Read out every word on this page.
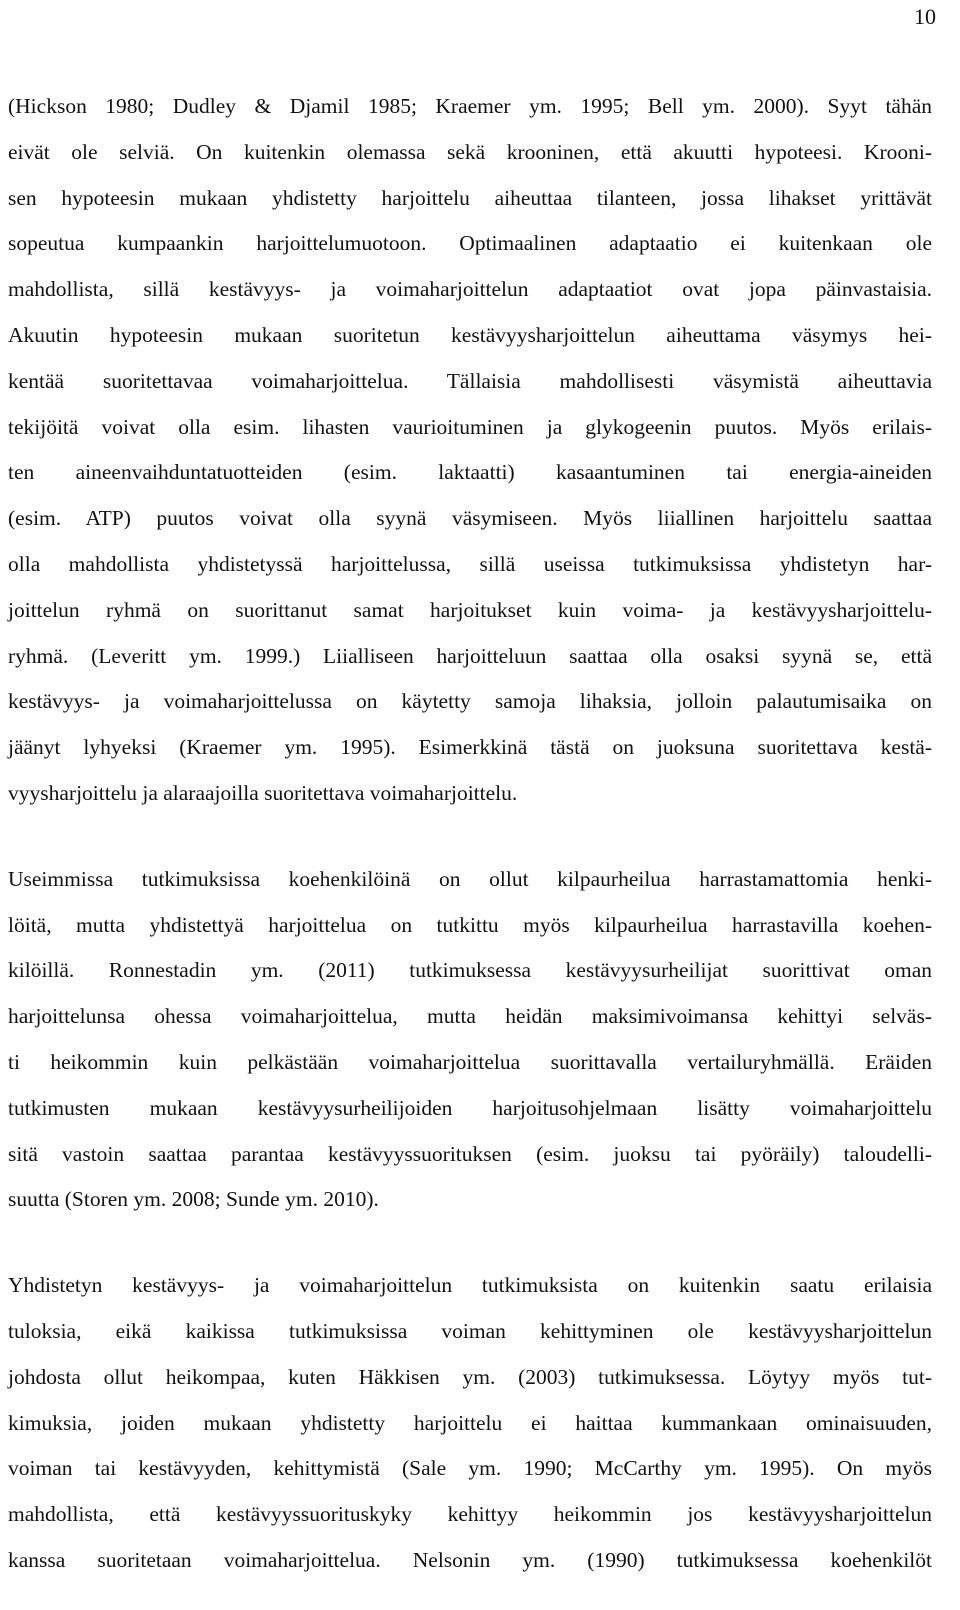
10
(Hickson 1980; Dudley & Djamil 1985; Kraemer ym. 1995; Bell ym. 2000). Syyt tähän
eivät ole selviä. On kuitenkin olemassa sekä krooninen, että akuutti hypoteesi. Krooni-
sen hypoteesin mukaan yhdistetty harjoittelu aiheuttaa tilanteen, jossa lihakset yrittävät
sopeutua kumpaankin harjoittelumuotoon. Optimaalinen adaptaatio ei kuitenkaan ole
mahdollista, sillä kestävyys- ja voimaharjoittelun adaptaatiot ovat jopa päinvastaisia.
Akuutin hypoteesin mukaan suoritetun kestävyysharjoittelun aiheuttama väsymys hei-
kentää suoritettavaa voimaharjoittelua. Tällaisia mahdollisesti väsymistä aiheuttavia
tekijöitä voivat olla esim. lihasten vaurioituminen ja glykogeenin puutos. Myös erilais-
ten aineenvaihduntatuotteiden (esim. laktaatti) kasaantuminen tai energia-aineiden
(esim. ATP) puutos voivat olla syynä väsymiseen. Myös liiallinen harjoittelu saattaa
olla mahdollista yhdistetyssä harjoittelussa, sillä useissa tutkimuksissa yhdistetyn har-
joittelun ryhmä on suorittanut samat harjoitukset kuin voima- ja kestävyysharjoittelu-
ryhmä. (Leveritt ym. 1999.) Liialliseen harjoitteluun saattaa olla osaksi syynä se, että
kestävyys- ja voimaharjoittelussa on käytetty samoja lihaksia, jolloin palautumisaika on
jäänyt lyhyeksi (Kraemer ym. 1995). Esimerkkinä tästä on juoksuna suoritettava kestä-
vyysharjoittelu ja alaraajoilla suoritettava voimaharjoittelu.
Useimmissa tutkimuksissa koehenkilöinä on ollut kilpaurheilua harrastamattomia henki-
löitä, mutta yhdistettyä harjoittelua on tutkittu myös kilpaurheilua harrastavilla koehen-
kilöillä. Ronnestadin ym. (2011) tutkimuksessa kestävyysurheilijat suorittivat oman
harjoittelunsa ohessa voimaharjoittelua, mutta heidän maksimivoimansa kehittyi selväs-
ti heikommin kuin pelkästään voimaharjoittelua suorittavalla vertailuryhmällä. Eräiden
tutkimusten mukaan kestävyysurheilijoiden harjoitusohjelmaan lisätty voimaharjoittelu
sitä vastoin saattaa parantaa kestävyyssuorituksen (esim. juoksu tai pyöräily) taloudelli-
suutta (Storen ym. 2008; Sunde ym. 2010).
Yhdistetyn kestävyys- ja voimaharjoittelun tutkimuksista on kuitenkin saatu erilaisia
tuloksia, eikä kaikissa tutkimuksissa voiman kehittyminen ole kestävyysharjoittelun
johdosta ollut heikompaa, kuten Häkkisen ym. (2003) tutkimuksessa. Löytyy myös tut-
kimuksia, joiden mukaan yhdistetty harjoittelu ei haittaa kummankaan ominaisuuden,
voiman tai kestävyyden, kehittymistä (Sale ym. 1990; McCarthy ym. 1995). On myös
mahdollista, että kestävyyssuorituskyky kehittyy heikommin jos kestävyysharjoittelun
kanssa suoritetaan voimaharjoittelua. Nelsonin ym. (1990) tutkimuksessa koehenkilöt
